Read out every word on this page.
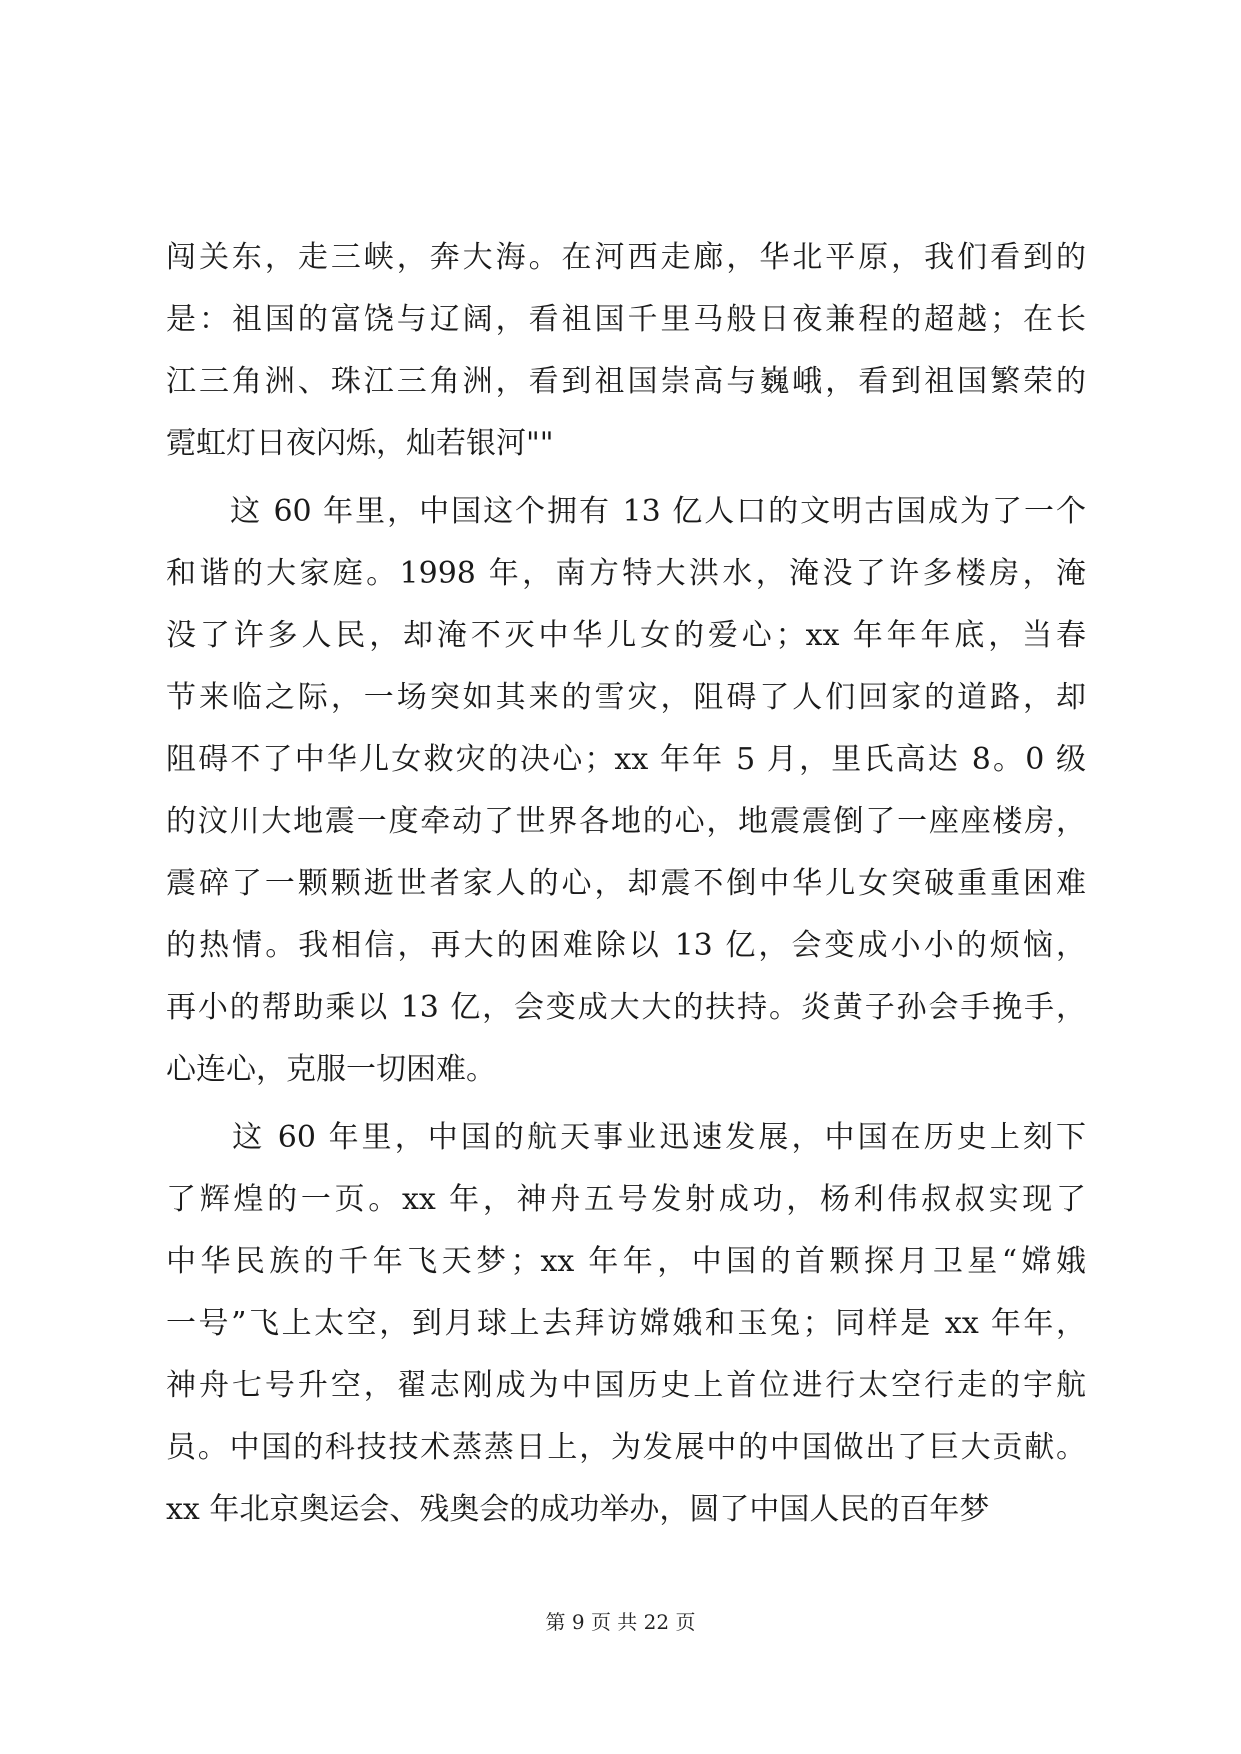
闯关东，走三峡，奔大海。在河西走廊，华北平原，我们看到的
是：祖国的富饶与辽阔，看祖国千里马般日夜兼程的超越；在长
江三角洲、珠江三角洲，看到祖国崇高与巍峨，看到祖国繁荣的
霓虹灯日夜闪烁，灿若银河""
　　这 60 年里，中国这个拥有 13 亿人口的文明古国成为了一个
和谐的大家庭。1998 年，南方特大洪水，淹没了许多楼房，淹
没了许多人民，却淹不灭中华儿女的爱心；xx 年年年底，当春
节来临之际，一场突如其来的雪灾，阻碍了人们回家的道路，却
阻碍不了中华儿女救灾的决心；xx 年年 5 月，里氏高达 8。0 级
的汶川大地震一度牵动了世界各地的心，地震震倒了一座座楼房，
震碎了一颗颗逝世者家人的心，却震不倒中华儿女突破重重困难
的热情。我相信，再大的困难除以 13 亿，会变成小小的烦恼，
再小的帮助乘以 13 亿，会变成大大的扶持。炎黄子孙会手挽手，
心连心，克服一切困难。
　　这 60 年里，中国的航天事业迅速发展，中国在历史上刻下
了辉煌的一页。xx 年，神舟五号发射成功，杨利伟叔叔实现了
中华民族的千年飞天梦；xx 年年，中国的首颗探月卫星“嫦娥
一号”飞上太空，到月球上去拜访嫦娥和玉兔；同样是 xx 年年，
神舟七号升空，翟志刚成为中国历史上首位进行太空行走的宇航
员。中国的科技技术蒸蒸日上，为发展中的中国做出了巨大贡献。
xx 年北京奥运会、残奥会的成功举办，圆了中国人民的百年梦
第 9 页 共 22 页
